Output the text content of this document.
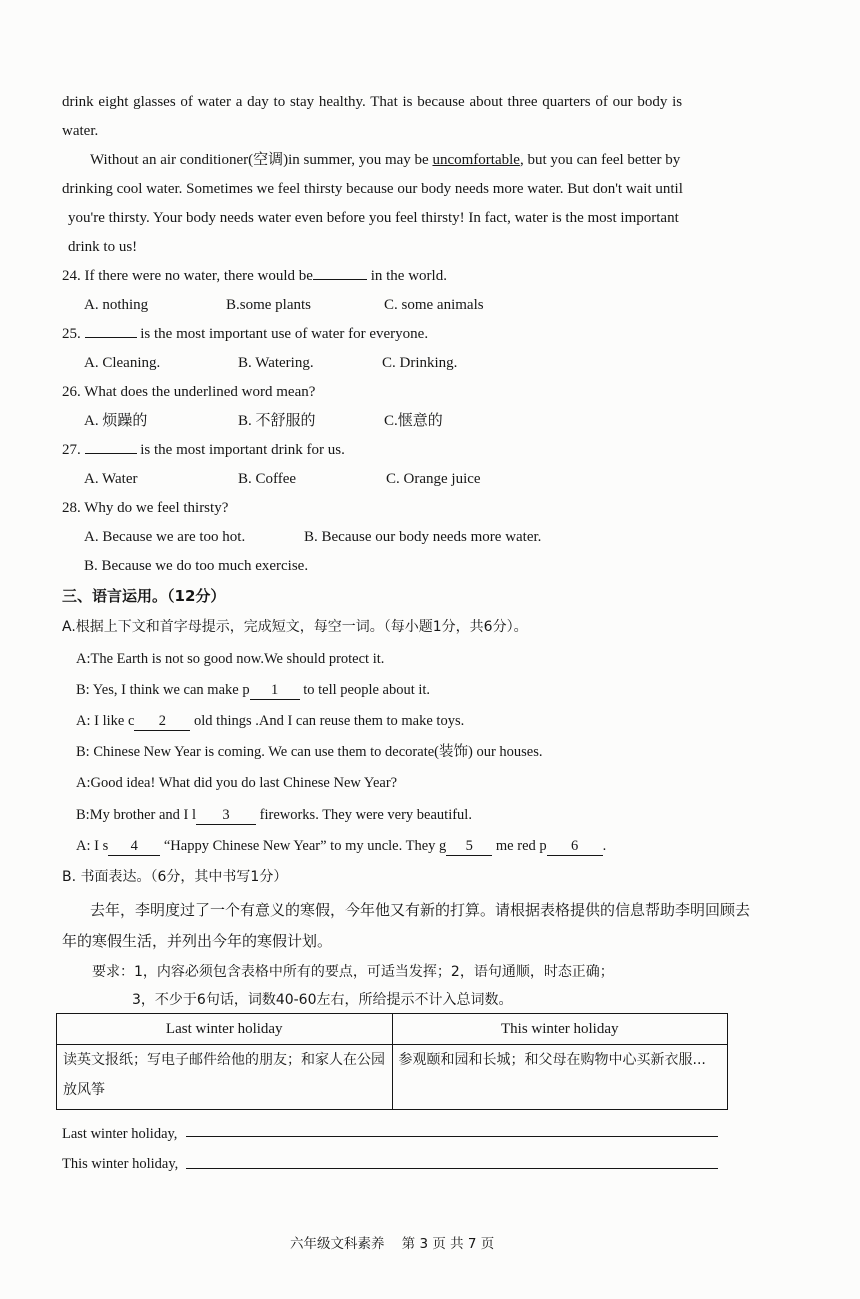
drink eight glasses of water a day to stay healthy. That is because about three quarters of our body is
water.
Without an air conditioner(空调)in summer, you may be uncomfortable, but you can feel better by
drinking cool water. Sometimes we feel thirsty because our body needs more water. But don't wait until
you're thirsty. Your body needs water even before you feel thirsty! In fact, water is the most important
drink to us!
24. If there were no water, there would be	in the world.
A. nothing	B.some plants	C. some animals
25.	is the most important use of water for everyone.
A. Cleaning.	B. Watering.	C. Drinking.
26. What does the underlined word mean?
A. 烦躁的	B. 不舒服的	C.惬意的
27.	is the most important drink for us.
A. Water	B. Coffee	C. Orange juice
28. Why do we feel thirsty?
A. Because we are too hot.	B. Because our body needs more water.
B. Because we do too much exercise.
三、语言运用。（12分）
A.根据上下文和首字母提示，完成短文，每空一词。（每小题1分，共6分）。
A:The Earth is not so good now.We should protect it.
B: Yes, I think we can make p 1 to tell people about it.
A: I like c 2 old things .And I can reuse them to make toys.
B: Chinese New Year is coming. We can use them to decorate(装饰) our houses.
A:Good idea! What did you do last Chinese New Year?
B:My brother and I l 3 fireworks. They were very beautiful.
A: I s 4 “Happy Chinese New Year” to my uncle. They g 5 me red p 6 .
B. 书面表达。（6分，其中书写1分）
去年，李明度过了一个有意义的寒假，今年他又有新的打算。请根据表格提供的信息帮助李明回顾去
年的寒假生活，并列出今年的寒假计划。
要求：1，内容必须包含表格中所有的要点，可适当发挥；2，语句通顺，时态正确；
3，不少于6句话，词数40-60左右，所给提示不计入总词数。
Last winter holiday	This winter holiday
读英文报纸；写电子邮件给他的朋友；和家人在公园放风筝	参观颐和园和长城；和父母在购物中心买新衣服...
Last winter holiday,
This winter holiday,
六年级文科素养    第 3 页 共 7 页
